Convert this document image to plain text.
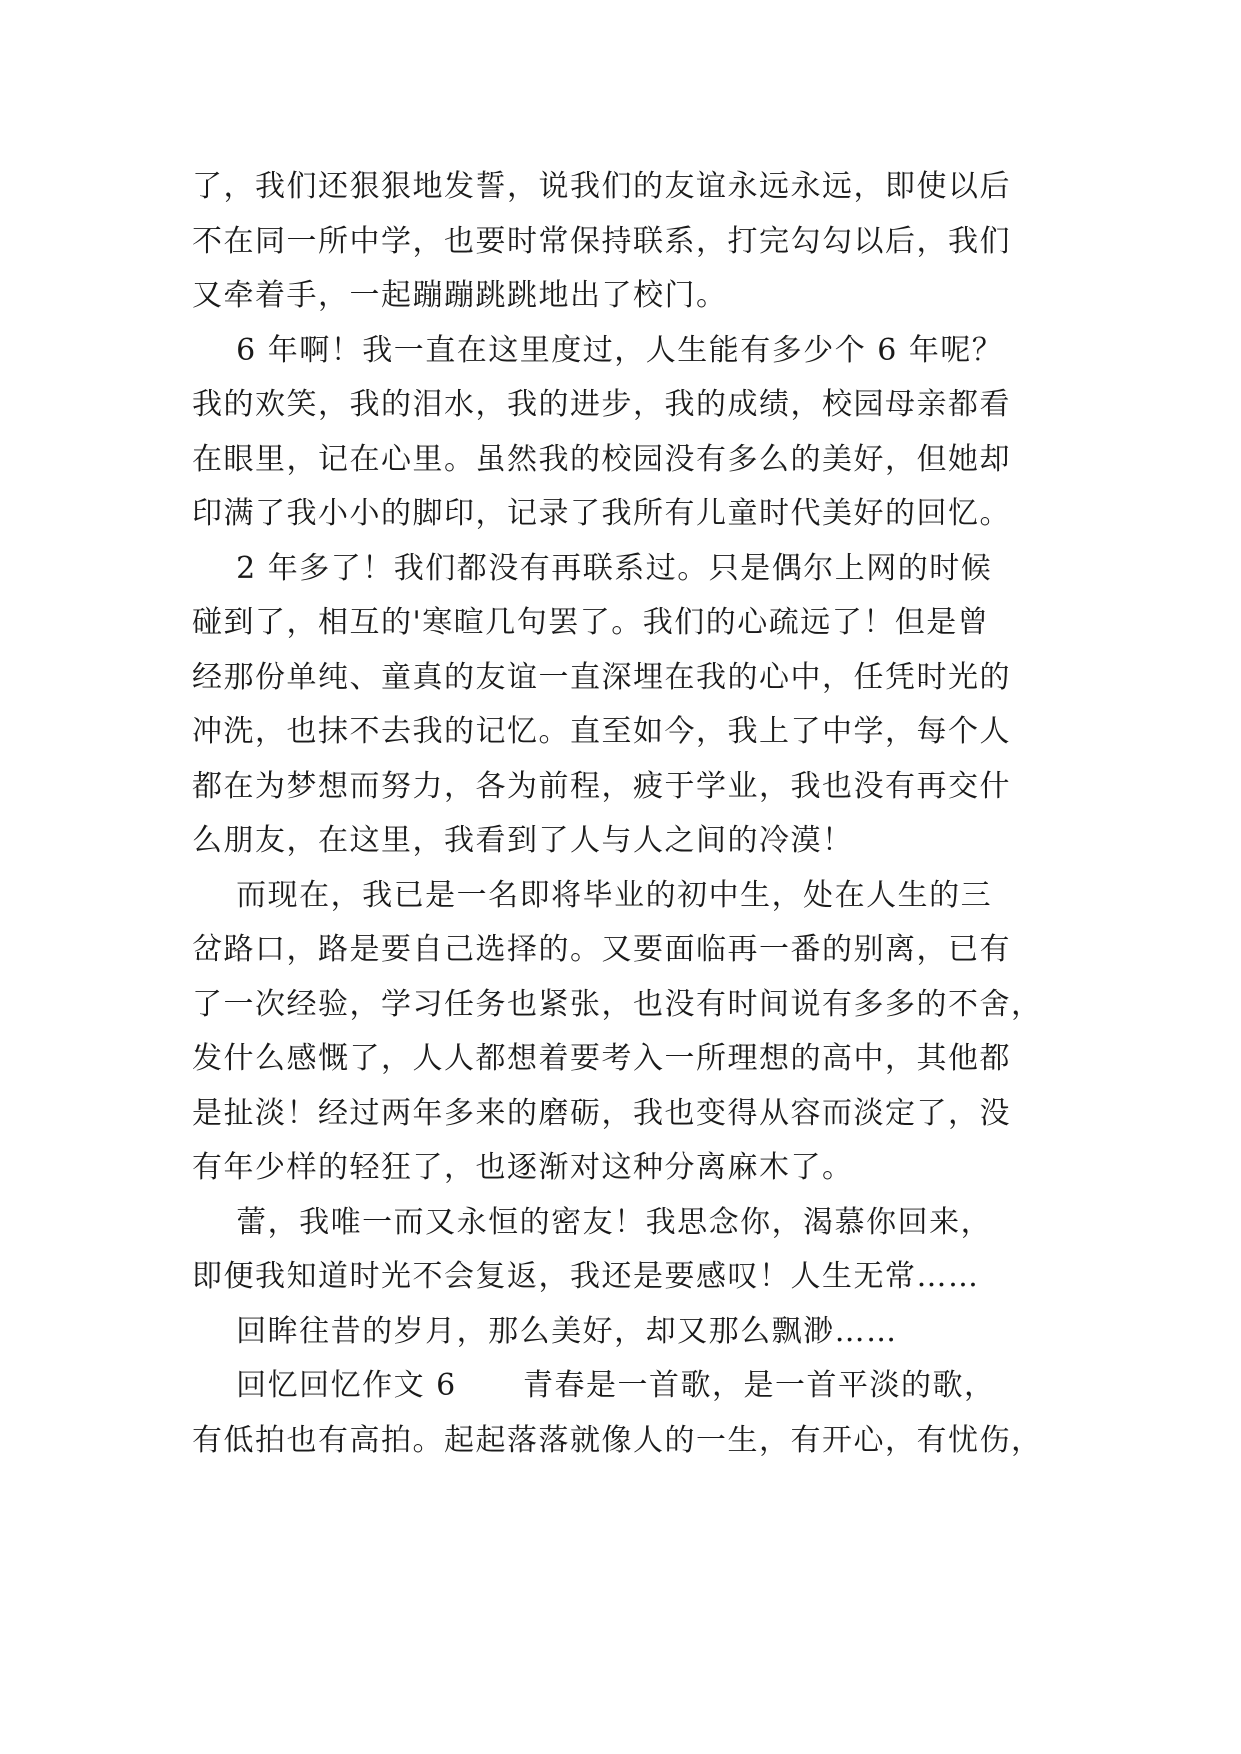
了，我们还狠狠地发誓，说我们的友谊永远永远，即使以后
不在同一所中学，也要时常保持联系，打完勾勾以后，我们
又牵着手，一起蹦蹦跳跳地出了校门。
6 年啊！我一直在这里度过，人生能有多少个 6 年呢？
我的欢笑，我的泪水，我的进步，我的成绩，校园母亲都看
在眼里，记在心里。虽然我的校园没有多么的美好，但她却
印满了我小小的脚印，记录了我所有儿童时代美好的回忆。
2 年多了！我们都没有再联系过。只是偶尔上网的时候
碰到了，相互的'寒暄几句罢了。我们的心疏远了！但是曾
经那份单纯、童真的友谊一直深埋在我的心中，任凭时光的
冲洗，也抹不去我的记忆。直至如今，我上了中学，每个人
都在为梦想而努力，各为前程，疲于学业，我也没有再交什
么朋友，在这里，我看到了人与人之间的冷漠！
而现在，我已是一名即将毕业的初中生，处在人生的三
岔路口，路是要自己选择的。又要面临再一番的别离，已有
了一次经验，学习任务也紧张，也没有时间说有多多的不舍，
发什么感慨了，人人都想着要考入一所理想的高中，其他都
是扯淡！经过两年多来的磨砺，我也变得从容而淡定了，没
有年少样的轻狂了，也逐渐对这种分离麻木了。
蕾，我唯一而又永恒的密友！我思念你，渴慕你回来，
即便我知道时光不会复返，我还是要感叹！人生无常……
回眸往昔的岁月，那么美好，却又那么飘渺……
回忆回忆作文 6      青春是一首歌，是一首平淡的歌，
有低拍也有高拍。起起落落就像人的一生，有开心，有忧伤，
